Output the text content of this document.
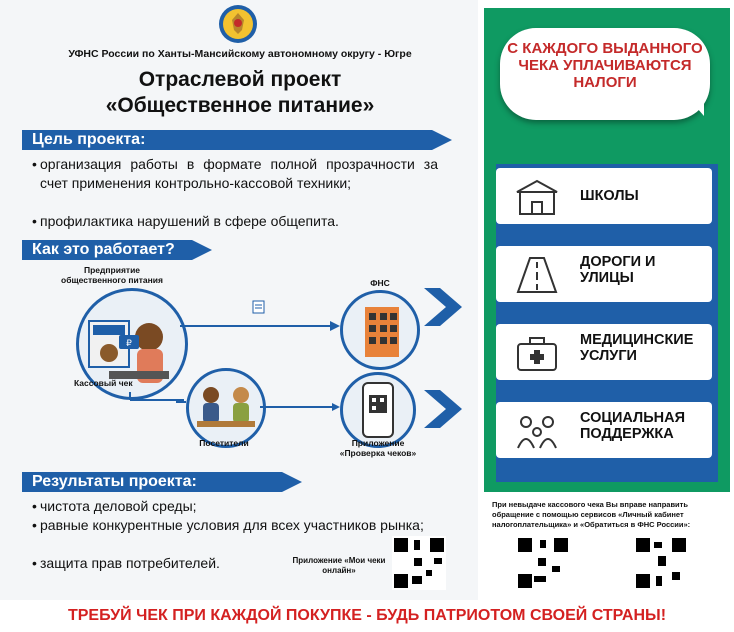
УФНС России по Ханты-Мансийскому автономному округу - Югре
Отраслевой проект
«Общественное питание»
Цель проекта:
• организация работы в формате полной прозрачности за счет применения контрольно-кассовой техники;
• профилактика нарушений в сфере общепита.
Как это работает?
Предприятие общественного питания
₽
Кассовый чек
ФНС
Посетители	Приложение «Проверка чеков»
Результаты проекта:
• чистота деловой среды;
• равные конкурентные условия для всех участников рынка;
• защита прав потребителей.	Приложение «Мои чеки онлайн»
С КАЖДОГО ВЫДАННОГО ЧЕКА УПЛАЧИВАЮТСЯ НАЛОГИ
ШКОЛЫ
ДОРОГИ И УЛИЦЫ
МЕДИЦИНСКИЕ УСЛУГИ
СОЦИАЛЬНАЯ ПОДДЕРЖКА
При невыдаче кассового чека Вы вправе направить обращение с помощью сервисов «Личный кабинет налогоплательщика» и «Обратиться в ФНС России»:
ТРЕБУЙ ЧЕК ПРИ КАЖДОЙ ПОКУПКЕ - БУДЬ ПАТРИОТОМ СВОЕЙ СТРАНЫ!
